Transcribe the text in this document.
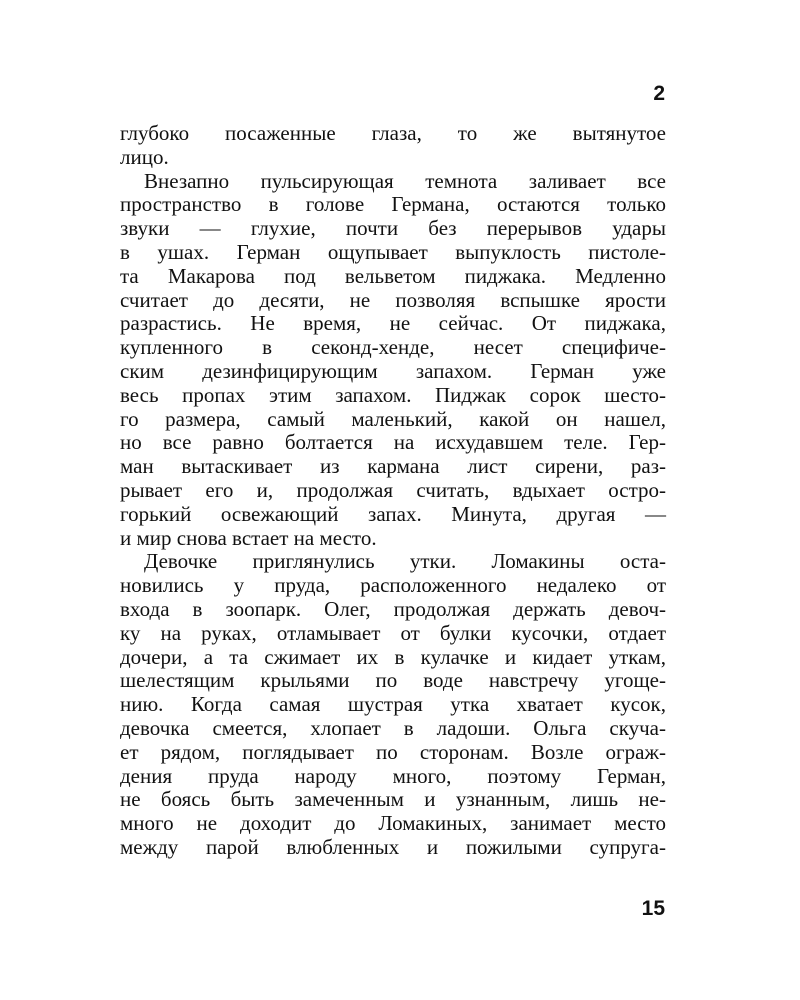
2
глубоко посаженные глаза, то же вытянутое
лицо.
Внезапно пульсирующая темнота заливает все
пространство в голове Германа, остаются только
звуки — глухие, почти без перерывов удары
в ушах. Герман ощупывает выпуклость пистоле-
та Макарова под вельветом пиджака. Медленно
считает до десяти, не позволяя вспышке ярости
разрастись. Не время, не сейчас. От пиджака,
купленного в секонд-хенде, несет специфиче-
ским дезинфицирующим запахом. Герман уже
весь пропах этим запахом. Пиджак сорок шесто-
го размера, самый маленький, какой он нашел,
но все равно болтается на исхудавшем теле. Гер-
ман вытаскивает из кармана лист сирени, раз-
рывает его и, продолжая считать, вдыхает остро-
горький освежающий запах. Минута, другая —
и мир снова встает на место.
Девочке приглянулись утки. Ломакины оста-
новились у пруда, расположенного недалеко от
входа в зоопарк. Олег, продолжая держать девоч-
ку на руках, отламывает от булки кусочки, отдает
дочери, а та сжимает их в кулачке и кидает уткам,
шелестящим крыльями по воде навстречу угоще-
нию. Когда самая шустрая утка хватает кусок,
девочка смеется, хлопает в ладоши. Ольга скуча-
ет рядом, поглядывает по сторонам. Возле ограж-
дения пруда народу много, поэтому Герман,
не боясь быть замеченным и узнанным, лишь не-
много не доходит до Ломакиных, занимает место
между парой влюбленных и пожилыми супруга-
15
